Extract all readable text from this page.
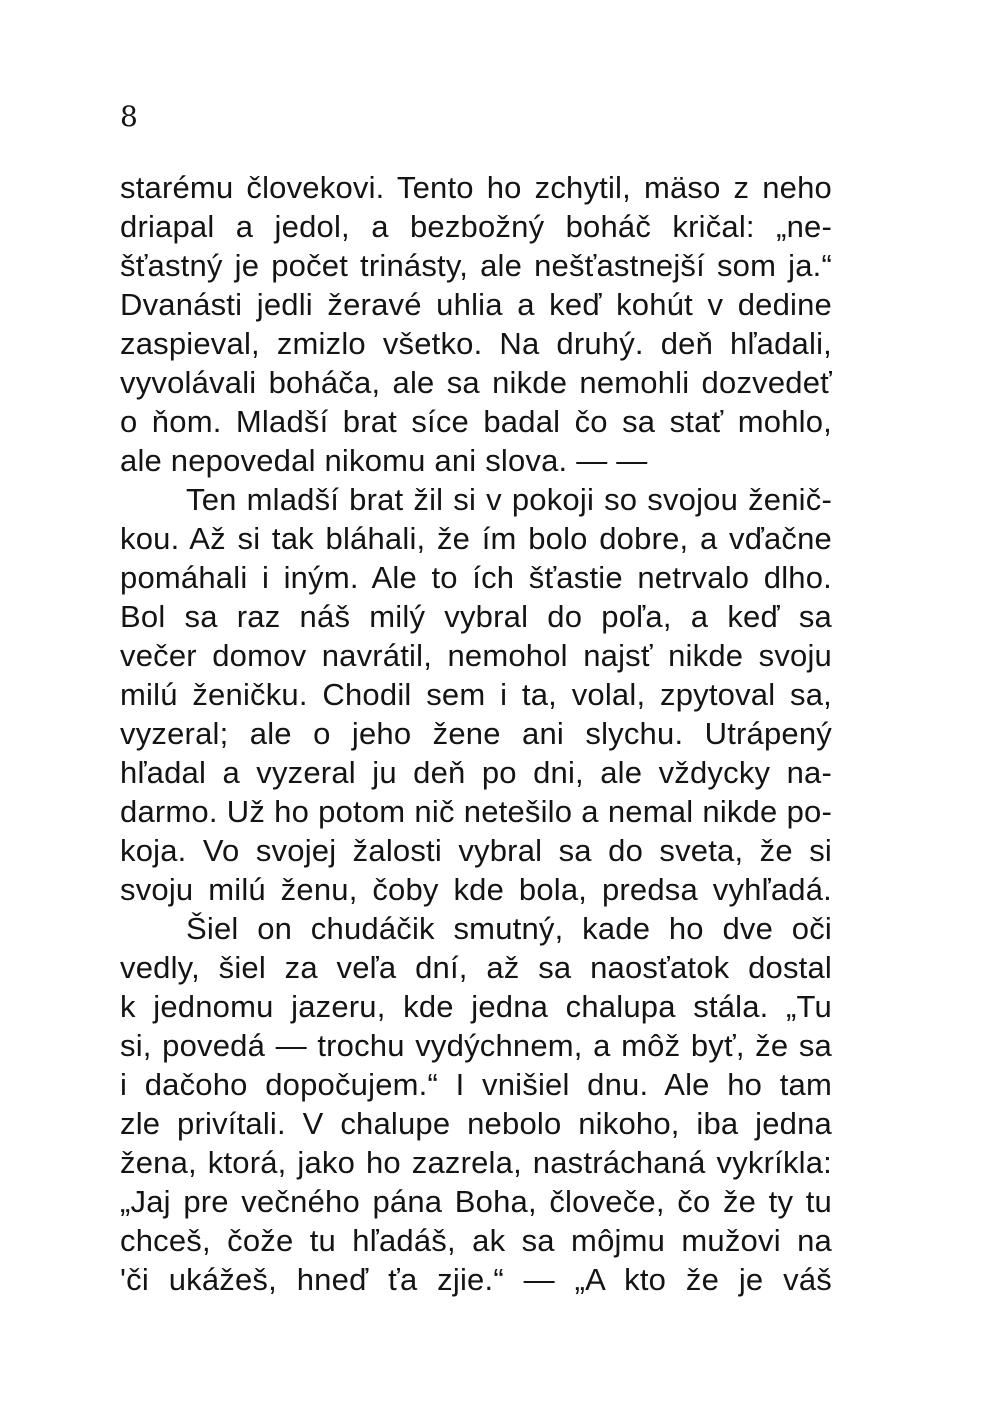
8
starému človekovi. Tento ho zchytil, mäso z neho
driapal a jedol, a bezbožný boháč kričal: „ne-
šťastný je počet trinásty, ale nešťastnejší som ja.“
Dvanásti jedli žeravé uhlia a keď kohút v dedine
zaspieval, zmizlo všetko. Na druhý. deň hľadali,
vyvolávali boháča, ale sa nikde nemohli dozvedeť
o ňom. Mladší brat síce badal čo sa stať mohlo,
ale nepovedal nikomu ani slova. — —
Ten mladší brat žil si v pokoji so svojou ženič-
kou. Až si tak bláhali, že ím bolo dobre, a vďačne
pomáhali i iným. Ale to ích šťastie netrvalo dlho.
Bol sa raz náš milý vybral do poľa, a keď sa
večer domov navrátil, nemohol najsť nikde svoju
milú ženičku. Chodil sem i ta, volal, zpytoval sa,
vyzeral; ale o jeho žene ani slychu. Utrápený
hľadal a vyzeral ju deň po dni, ale vždycky na-
darmo. Už ho potom nič netešilo a nemal nikde po-
koja. Vo svojej žalosti vybral sa do sveta, že si
svoju milú ženu, čoby kde bola, predsa vyhľadá.
Šiel on chudáčik smutný, kade ho dve oči
vedly, šiel za veľa dní, až sa naosťatok dostal
k jednomu jazeru, kde jedna chalupa stála. „Tu
si, povedá — trochu vydýchnem, a môž byť, že sa
i dačoho dopočujem.“ I vnišiel dnu. Ale ho tam
zle privítali. V chalupe nebolo nikoho, iba jedna
žena, ktorá, jako ho zazrela, nastráchaná vykríkla:
„Jaj pre večného pána Boha, človeče, čo že ty tu
chceš, čože tu hľadáš, ak sa môjmu mužovi na
'či ukážeš, hneď ťa zjie.“ — „A kto že je váš
